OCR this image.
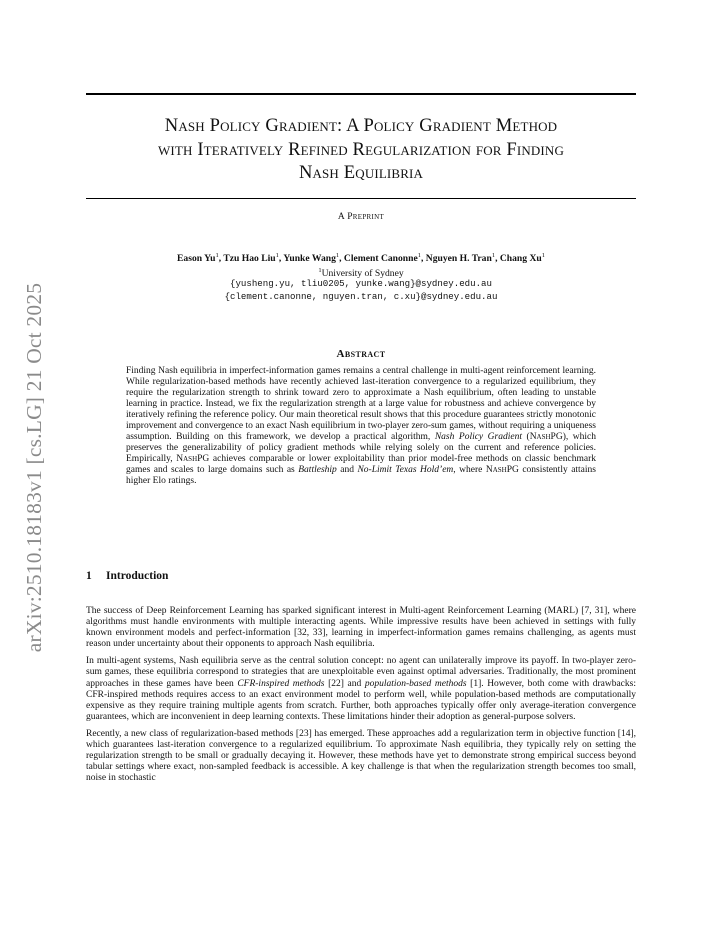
arXiv:2510.18183v1 [cs.LG] 21 Oct 2025
Nash Policy Gradient: A Policy Gradient Method
with Iteratively Refined Regularization for Finding
Nash Equilibria
A Preprint
Eason Yu$^1$, Tzu Hao Liu$^1$, Yunke Wang$^1$, Clement Canonne$^1$, Nguyen H. Tran$^1$, Chang Xu$^1$
$^1$University of Sydney
{yusheng.yu, tliu0205, yunke.wang}@sydney.edu.au
{clement.canonne, nguyen.tran, c.xu}@sydney.edu.au
Abstract
Finding Nash equilibria in imperfect-information games remains a central challenge in multi-agent reinforcement learning. While regularization-based methods have recently achieved last-iteration convergence to a regularized equilibrium, they require the regularization strength to shrink toward zero to approximate a Nash equilibrium, often leading to unstable learning in practice. Instead, we fix the regularization strength at a large value for robustness and achieve convergence by iteratively refining the reference policy. Our main theoretical result shows that this procedure guarantees strictly monotonic improvement and convergence to an exact Nash equilibrium in two-player zero-sum games, without requiring a uniqueness assumption. Building on this framework, we develop a practical algorithm, Nash Policy Gradient (NashPG), which preserves the generalizability of policy gradient methods while relying solely on the current and reference policies. Empirically, NashPG achieves comparable or lower exploitability than prior model-free methods on classic benchmark games and scales to large domains such as Battleship and No-Limit Texas Hold’em, where NashPG consistently attains higher Elo ratings.
1 Introduction

The success of Deep Reinforcement Learning has sparked significant interest in Multi-agent Reinforcement Learning (MARL) [7, 31], where algorithms must handle environments with multiple interacting agents. While impressive results have been achieved in settings with fully known environment models and perfect-information [32, 33], learning in imperfect-information games remains challenging, as agents must reason under uncertainty about their opponents to approach Nash equilibria.

In multi-agent systems, Nash equilibria serve as the central solution concept: no agent can unilaterally improve its payoff. In two-player zero-sum games, these equilibria correspond to strategies that are unexploitable even against optimal adversaries. Traditionally, the most prominent approaches in these games have been CFR-inspired methods [22] and population-based methods [1]. However, both come with drawbacks: CFR-inspired methods requires access to an exact environment model to perform well, while population-based methods are computationally expensive as they require training multiple agents from scratch. Further, both approaches typically offer only average-iteration convergence guarantees, which are inconvenient in deep learning contexts. These limitations hinder their adoption as general-purpose solvers.

Recently, a new class of regularization-based methods [23] has emerged. These approaches add a regularization term in objective function [14], which guarantees last-iteration convergence to a regularized equilibrium. To approximate Nash equilibria, they typically rely on setting the regularization strength to be small or gradually decaying it. However, these methods have yet to demonstrate strong empirical success beyond tabular settings where exact, non-sampled feedback is accessible. A key challenge is that when the regularization strength becomes too small, noise in stochastic
